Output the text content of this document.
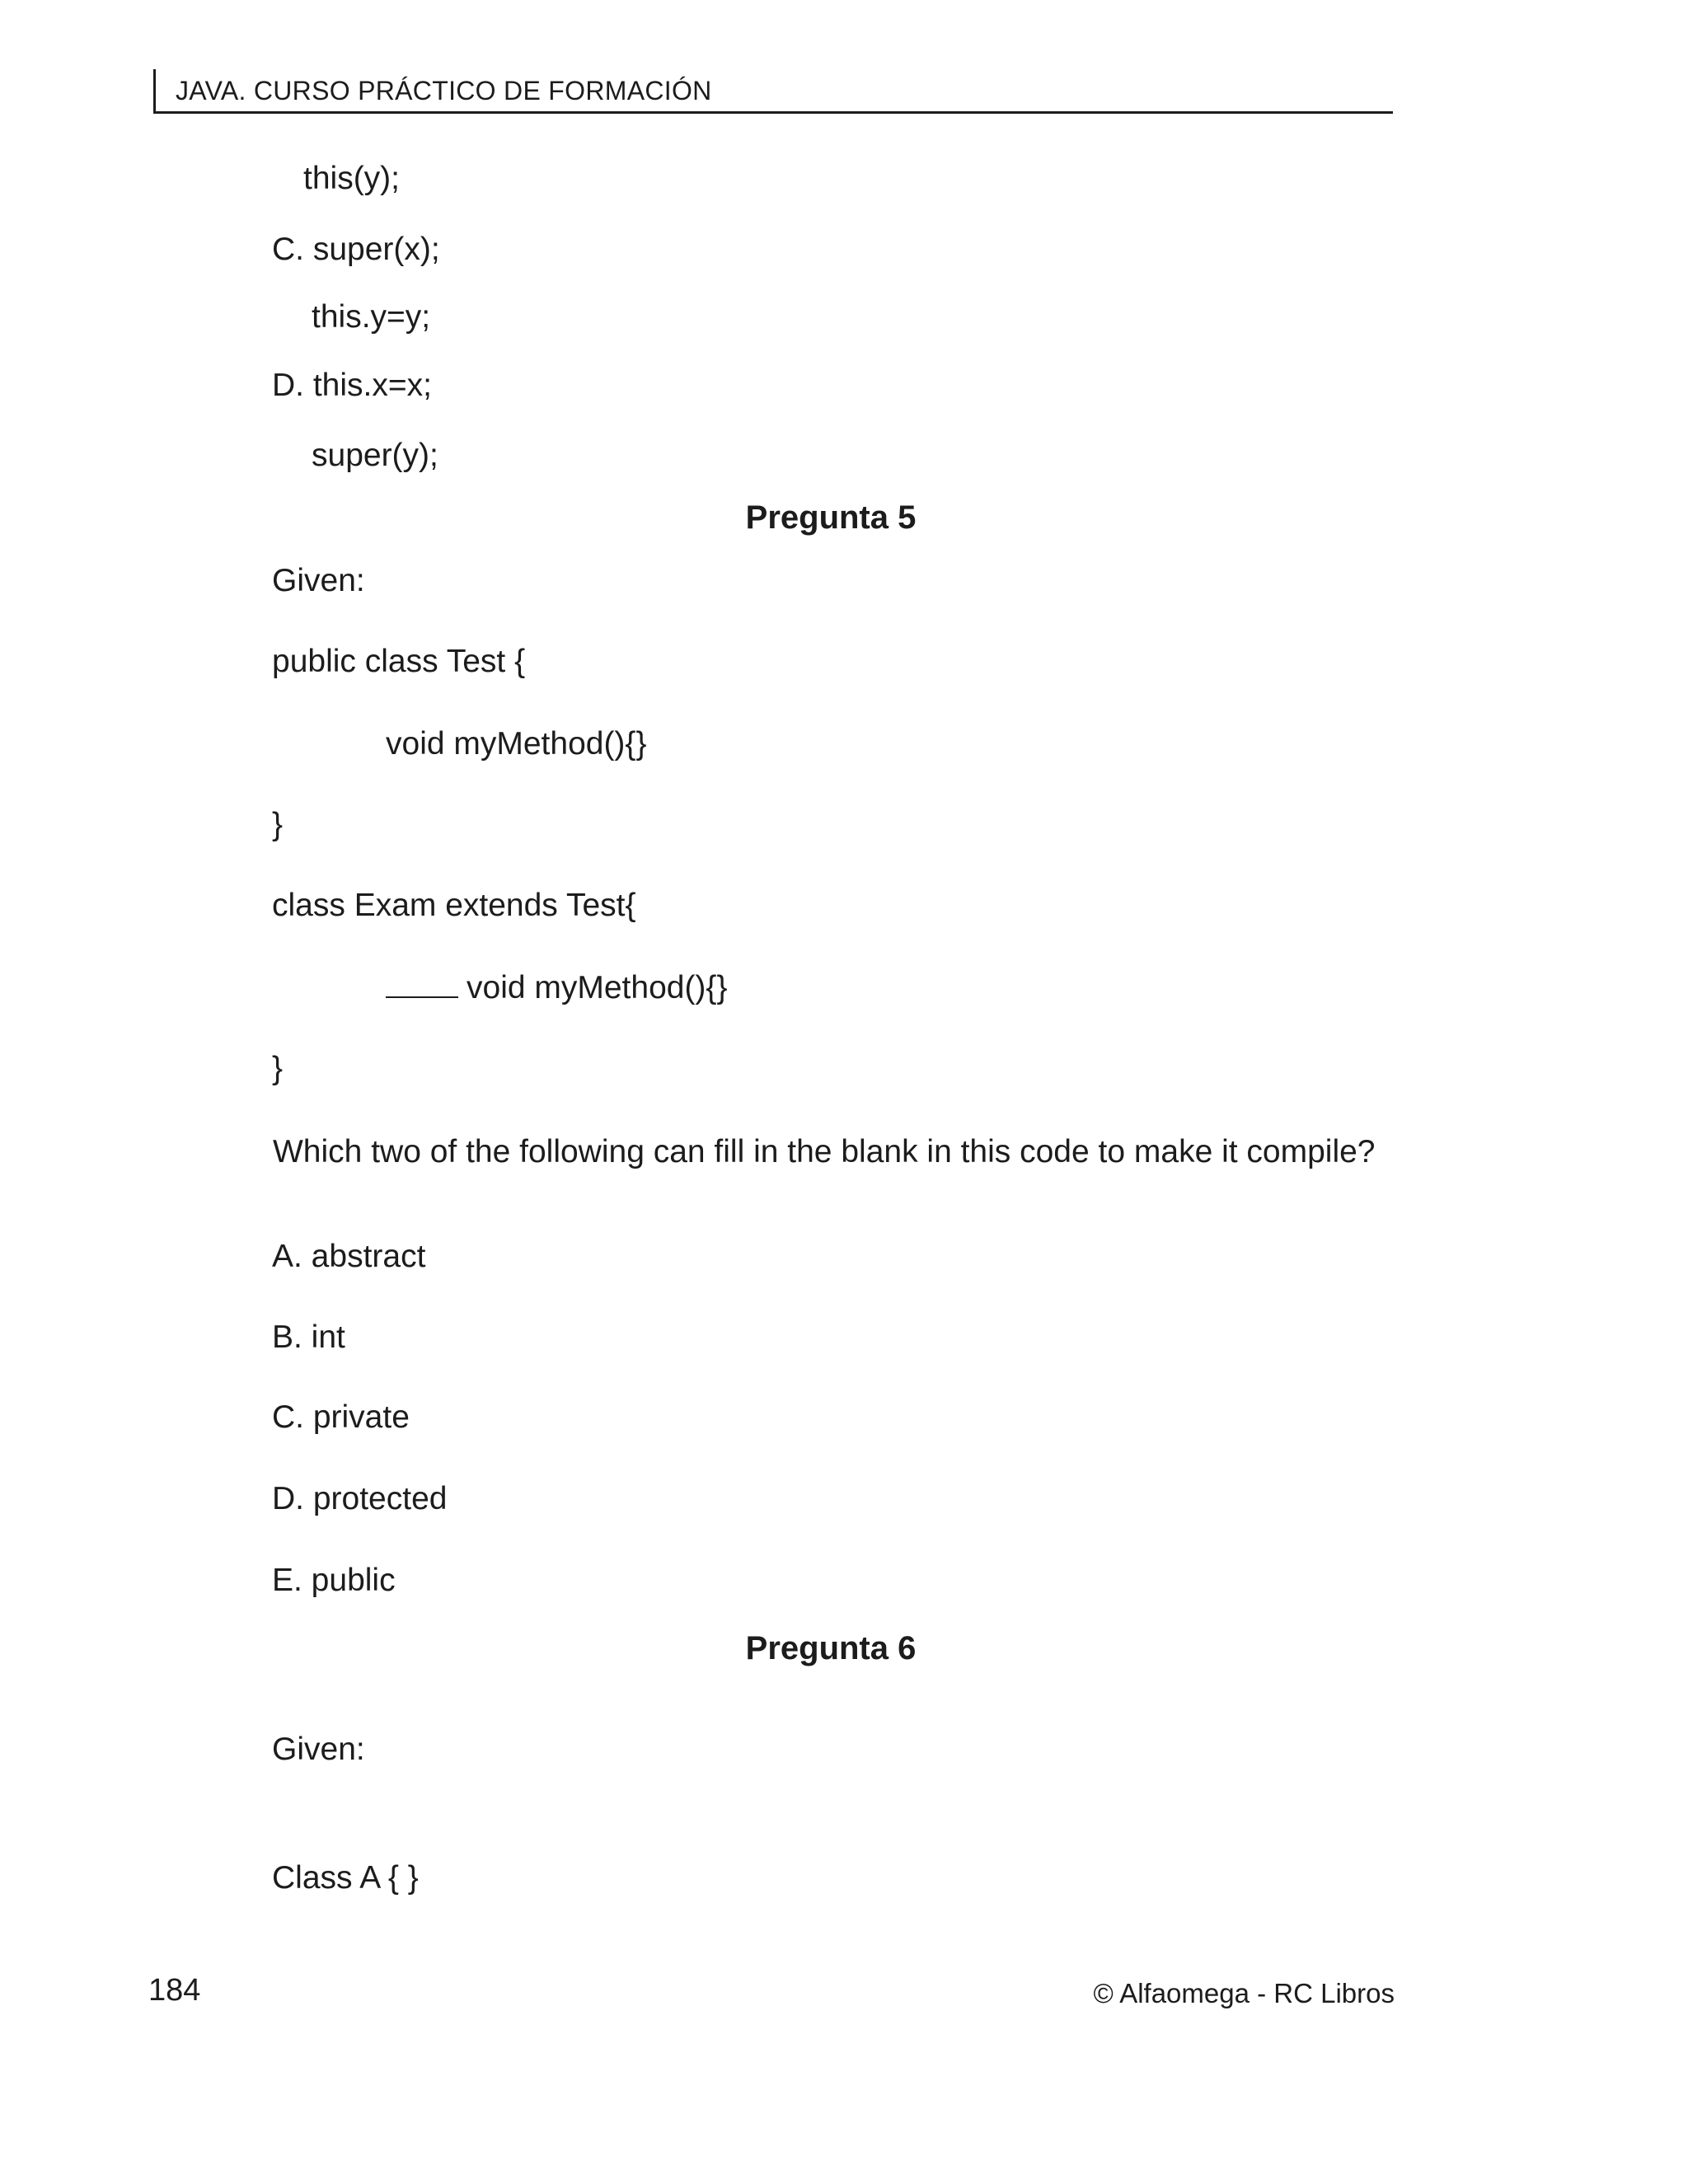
JAVA. CURSO PRÁCTICO DE FORMACIÓN
this(y);
C. super(x);
this.y=y;
D. this.x=x;
super(y);
Pregunta 5
Given:
public class Test {
void myMethod(){}
}
class Exam extends Test{
void myMethod(){}
}
Which two of the following can fill in the blank in this code to make it compile?
A. abstract
B. int
C. private
D. protected
E. public
Pregunta 6
Given:
Class A { }
184	© Alfaomega - RC Libros
